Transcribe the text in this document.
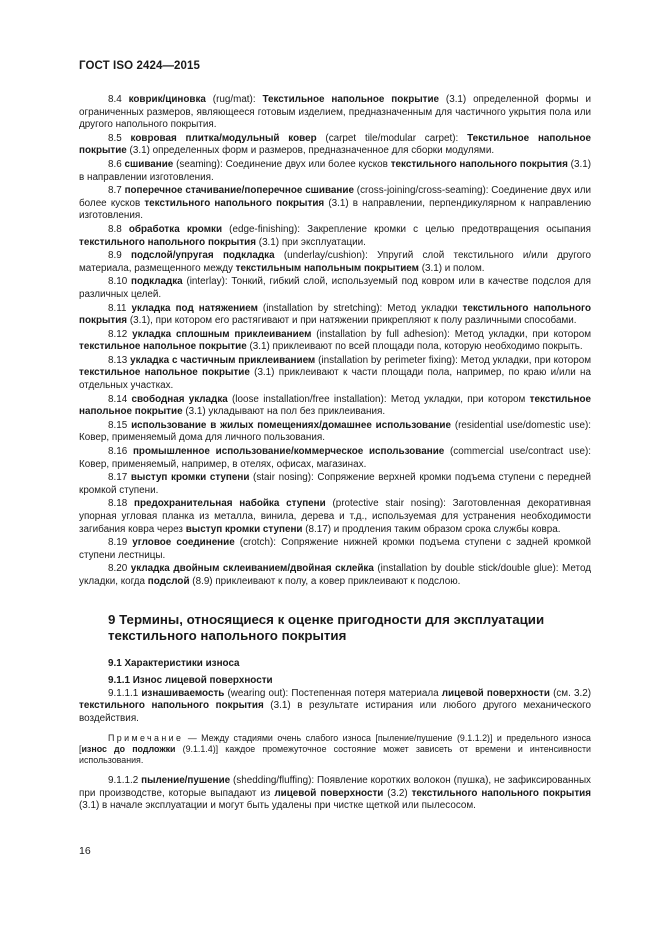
ГОСТ ISO 2424—2015

8.4 коврик/циновка (rug/mat): Текстильное напольное покрытие (3.1) определенной формы и ограниченных размеров, являющееся готовым изделием, предназначенным для частичного укрытия пола или другого напольного покрытия.

8.5 ковровая плитка/модульный ковер (carpet tile/modular carpet): Текстильное напольное покрытие (3.1) определенных форм и размеров, предназначенное для сборки модулями.

8.6 сшивание (seaming): Соединение двух или более кусков текстильного напольного покрытия (3.1) в направлении изготовления.

8.7 поперечное стачивание/поперечное сшивание (cross-joining/cross-seaming): Соединение двух или более кусков текстильного напольного покрытия (3.1) в направлении, перпендикулярном к направлению изготовления.

8.8 обработка кромки (edge-finishing): Закрепление кромки с целью предотвращения осыпания текстильного напольного покрытия (3.1) при эксплуатации.

8.9 подслой/упругая подкладка (underlay/cushion): Упругий слой текстильного и/или другого материала, размещенного между текстильным напольным покрытием (3.1) и полом.

8.10 подкладка (interlay): Тонкий, гибкий слой, используемый под ковром или в качестве подслоя для различных целей.

8.11 укладка под натяжением (installation by stretching): Метод укладки текстильного напольного покрытия (3.1), при котором его растягивают и при натяжении прикрепляют к полу различными способами.

8.12 укладка сплошным приклеиванием (installation by full adhesion): Метод укладки, при котором текстильное напольное покрытие (3.1) приклеивают по всей площади пола, которую необходимо покрыть.

8.13 укладка с частичным приклеиванием (installation by perimeter fixing): Метод укладки, при котором текстильное напольное покрытие (3.1) приклеивают к части площади пола, например, по краю и/или на отдельных участках.

8.14 свободная укладка (loose installation/free installation): Метод укладки, при котором текстильное напольное покрытие (3.1) укладывают на пол без приклеивания.

8.15 использование в жилых помещениях/домашнее использование (residential use/domestic use): Ковер, применяемый дома для личного пользования.

8.16 промышленное использование/коммерческое использование (commercial use/contract use): Ковер, применяемый, например, в отелях, офисах, магазинах.

8.17 выступ кромки ступени (stair nosing): Сопряжение верхней кромки подъема ступени с передней кромкой ступени.

8.18 предохранительная набойка ступени (protective stair nosing): Заготовленная декоративная упорная угловая планка из металла, винила, дерева и т.д., используемая для устранения необходимости загибания ковра через выступ кромки ступени (8.17) и продления таким образом срока службы ковра.

8.19 угловое соединение (crotch): Сопряжение нижней кромки подъема ступени с задней кромкой ступени лестницы.

8.20 укладка двойным склеиванием/двойная склейка (installation by double stick/double glue): Метод укладки, когда подслой (8.9) приклеивают к полу, а ковер приклеивают к подслою.

9 Термины, относящиеся к оценке пригодности для эксплуатации текстильного напольного покрытия
9.1 Характеристики износа
9.1.1 Износ лицевой поверхности

9.1.1.1 изнашиваемость (wearing out): Постепенная потеря материала лицевой поверхности (см. 3.2) текстильного напольного покрытия (3.1) в результате истирания или любого другого механического воздействия.

Примечание — Между стадиями очень слабого износа [пыление/пушение (9.1.1.2)] и предельного износа [износ до подложки (9.1.1.4)] каждое промежуточное состояние может зависеть от времени и интенсивности использования.

9.1.1.2 пыление/пушение (shedding/fluffing): Появление коротких волокон (пушка), не зафиксированных при производстве, которые выпадают из лицевой поверхности (3.2) текстильного напольного покрытия (3.1) в начале эксплуатации и могут быть удалены при чистке щеткой или пылесосом.

16
